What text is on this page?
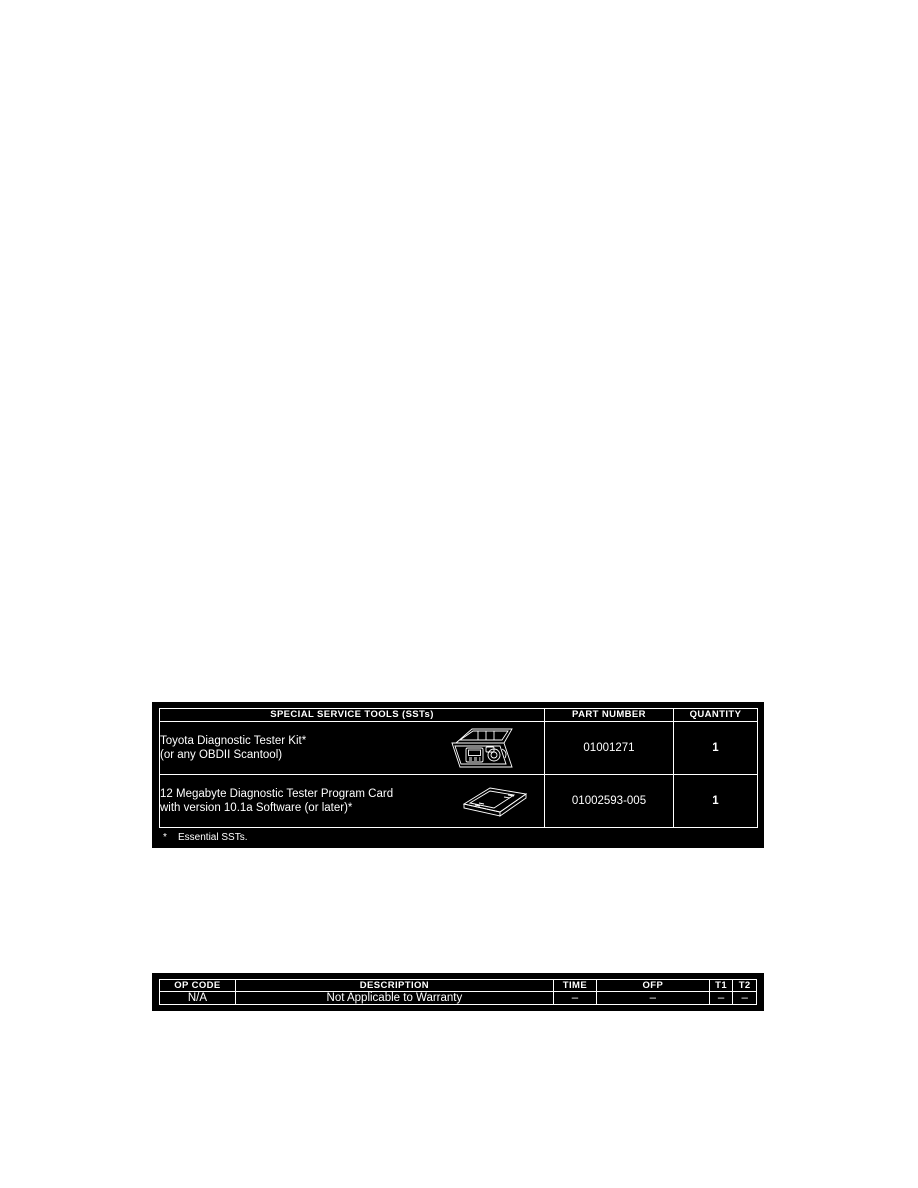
SPECIAL SERVICE TOOLS (SSTs)	PART NUMBER	QUANTITY

Toyota Diagnostic Tester Kit*
(or any OBDII Scantool)	01001271	1

12 Megabyte Diagnostic Tester Program Card
with version 10.1a Software (or later)*	01002593-005	1
*    Essential SSTs.
OP CODE	DESCRIPTION	TIME	OFP	T1	T2
N/A	Not Applicable to Warranty	–	–	–	–
